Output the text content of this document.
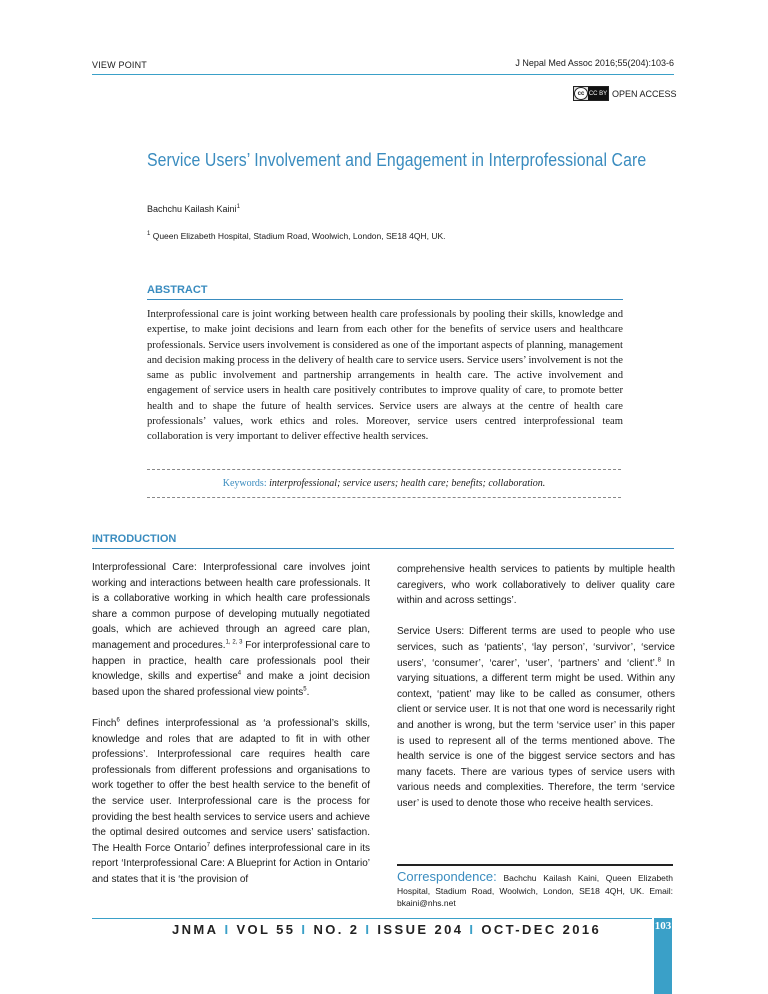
VIEW POINT	J Nepal Med Assoc 2016;55(204):103-6
cc CC BY OPEN ACCESS
Service Users’ Involvement and Engagement in Interprofessional Care
Bachchu Kailash Kaini$^1$
$^1$ Queen Elizabeth Hospital, Stadium Road, Woolwich, London, SE18 4QH, UK.
ABSTRACT
Interprofessional care is joint working between health care professionals by pooling their skills, knowledge and expertise, to make joint decisions and learn from each other for the benefits of service users and healthcare professionals. Service users involvement is considered as one of the important aspects of planning, management and decision making process in the delivery of health care to service users. Service users’ involvement is not the same as public involvement and partnership arrangements in health care. The active involvement and engagement of service users in health care positively contributes to improve quality of care, to promote better health and to shape the future of health services. Service users are always at the centre of health care professionals’ values, work ethics and roles. Moreover, service users centred interprofessional team collaboration is very important to deliver effective health services.
Keywords: interprofessional; service users; health care; benefits; collaboration.
INTRODUCTION

Interprofessional Care: Interprofessional care involves joint working and interactions between health care professionals. It is a collaborative working in which health care professionals share a common purpose of developing mutually negotiated goals, which are achieved through an agreed care plan, management and procedures.$^{1, 2, 3}$ For interprofessional care to happen in practice, health care professionals pool their knowledge, skills and expertise$^4$ and make a joint decision based upon the shared professional view points$^5$.

Finch$^6$ defines interprofessional as ‘a professional’s skills, knowledge and roles that are adapted to fit in with other professions’. Interprofessional care requires health care professionals from different professions and organisations to work together to offer the best health service to the benefit of the service user. Interprofessional care is the process for providing the best health services to service users and achieve the optimal desired outcomes and service users’ satisfaction. The Health Force Ontario$^7$ defines interprofessional care in its report ‘Interprofessional Care: A Blueprint for Action in Ontario’ and states that it is ‘the provision of

comprehensive health services to patients by multiple health caregivers, who work collaboratively to deliver quality care within and across settings’.

Service Users: Different terms are used to people who use services, such as ‘patients’, ‘lay person’, ‘survivor’, ‘service users’, ‘consumer’, ‘carer’, ‘user’, ‘partners’ and ‘client’.$^8$ In varying situations, a different term might be used. Within any context, ‘patient’ may like to be called as consumer, others client or service user. It is not that one word is necessarily right and another is wrong, but the term ‘service user’ in this paper is used to represent all of the terms mentioned above. The health service is one of the biggest service sectors and has many facets. There are various types of service users with various needs and complexities. Therefore, the term ‘service user’ is used to denote those who receive health services.

Correspondence: Bachchu Kailash Kaini, Queen Elizabeth Hospital, Stadium Road, Woolwich, London, SE18 4QH, UK. Email: bkaini@nhs.net
JNMA I VOL 55 I NO. 2 I ISSUE 204 I OCT-DEC 2016	103
